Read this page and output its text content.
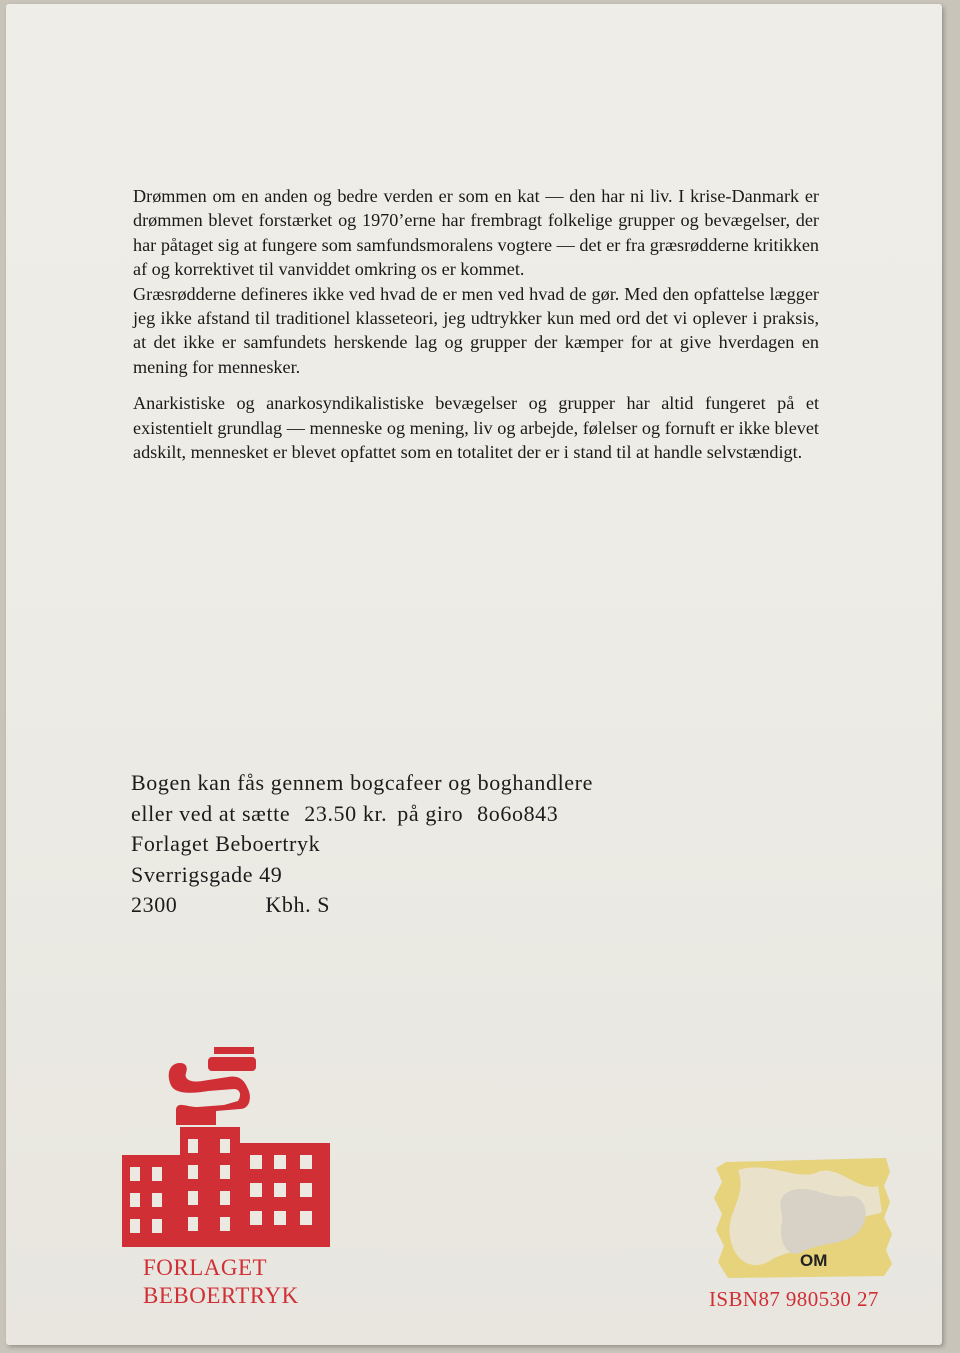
Drømmen om en anden og bedre verden er som en kat — den har ni liv. I krise-Danmark er drømmen blevet forstærket og 1970’erne har frembragt folkelige grupper og bevægelser, der har påtaget sig at fungere som samfundsmoralens vogtere — det er fra græsrødderne kritikken af og korrektivet til vanviddet omkring os er kommet.

Græsrødderne defineres ikke ved hvad de er men ved hvad de gør. Med den opfattelse lægger jeg ikke afstand til traditionel klasseteori, jeg udtrykker kun med ord det vi oplever i praksis, at det ikke er samfundets herskende lag og grupper der kæmper for at give hverdagen en mening for mennesker.

Anarkistiske og anarkosyndikalistiske bevægelser og grupper har altid fungeret på et existentielt grundlag — menneske og mening, liv og arbejde, følelser og fornuft er ikke blevet adskilt, mennesket er blevet opfattet som en totalitet der er i stand til at handle selvstændigt.

Bogen kan fås gennem bogcafeer og boghandlere
eller ved at sætte 23.50 kr. på giro 8o6o843
Forlaget Beboertryk
Sverrigsgade 49
2300	Kbh. S
FORLAGET
BEBOERTRYK
OM
ISBN87 980530 27
